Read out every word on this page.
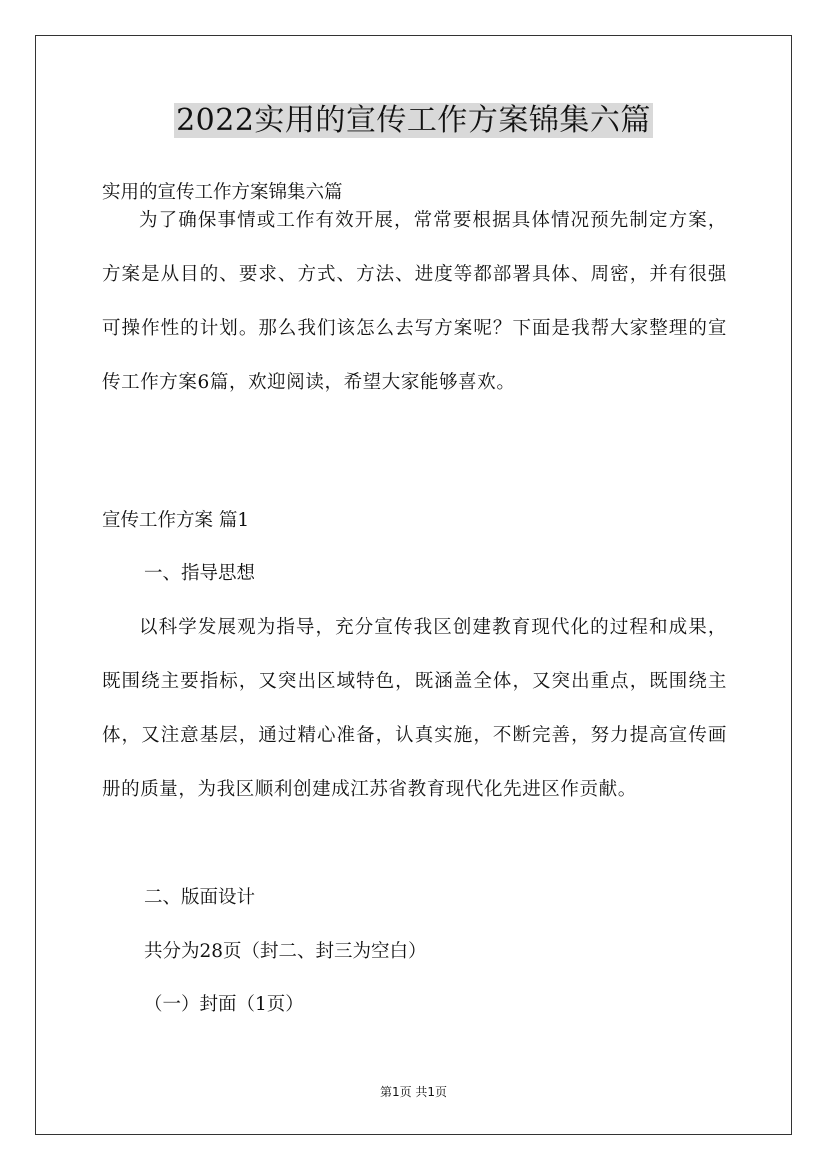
2022实用的宣传工作方案锦集六篇
实用的宣传工作方案锦集六篇

为了确保事情或工作有效开展，常常要根据具体情况预先制定方案，方案是从目的、要求、方式、方法、进度等都部署具体、周密，并有很强可操作性的计划。那么我们该怎么去写方案呢？下面是我帮大家整理的宣传工作方案6篇，欢迎阅读，希望大家能够喜欢。

宣传工作方案 篇1
一、指导思想

以科学发展观为指导，充分宣传我区创建教育现代化的过程和成果，既围绕主要指标，又突出区域特色，既涵盖全体，又突出重点，既围绕主体，又注意基层，通过精心准备，认真实施，不断完善，努力提高宣传画册的质量，为我区顺利创建成江苏省教育现代化先进区作贡献。

二、版面设计
共分为28页（封二、封三为空白）
（一）封面（1页）
第1页 共1页
